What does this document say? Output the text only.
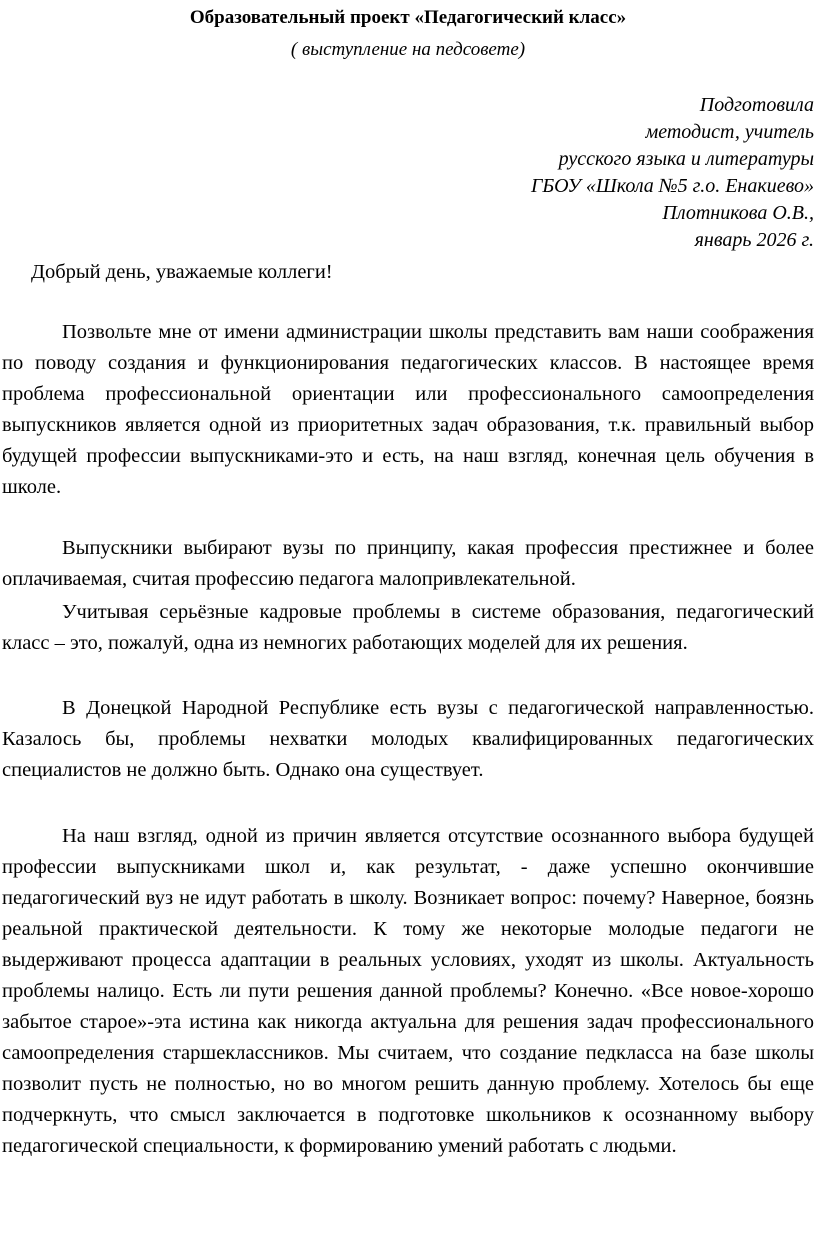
Образовательный проект «Педагогический класс»
( выступление на педсовете)
Подготовила
методист, учитель
русского языка и литературы
ГБОУ «Школа №5 г.о. Енакиево»
Плотникова О.В.,
январь 2026 г.
Добрый день, уважаемые коллеги!

Позвольте мне от имени администрации школы представить вам наши соображения по поводу создания и функционирования педагогических классов. В настоящее время проблема профессиональной ориентации или профессионального самоопределения выпускников является одной из приоритетных задач образования, т.к. правильный выбор будущей профессии выпускниками-это и есть, на наш взгляд, конечная цель обучения в школе.

Выпускники выбирают вузы по принципу, какая профессия престижнее и более оплачиваемая, считая профессию педагога малопривлекательной.

Учитывая серьёзные кадровые проблемы в системе образования, педагогический класс – это, пожалуй, одна из немногих работающих моделей для их решения.

В Донецкой Народной Республике есть вузы с педагогической направленностью. Казалось бы, проблемы нехватки молодых квалифицированных педагогических специалистов не должно быть. Однако она существует.

На наш взгляд, одной из причин является отсутствие осознанного выбора будущей профессии выпускниками школ и, как результат, - даже успешно окончившие педагогический вуз не идут работать в школу. Возникает вопрос: почему? Наверное, боязнь реальной практической деятельности. К тому же некоторые молодые педагоги не выдерживают процесса адаптации в реальных условиях, уходят из школы. Актуальность проблемы налицо. Есть ли пути решения данной проблемы? Конечно. «Все новое-хорошо забытое старое»-эта истина как никогда актуальна для решения задач профессионального самоопределения старшеклассников. Мы считаем, что создание педкласса на базе школы позволит пусть не полностью, но во многом решить данную проблему. Хотелось бы еще подчеркнуть, что смысл заключается в подготовке школьников к осознанному выбору педагогической специальности, к формированию умений работать с людьми.
